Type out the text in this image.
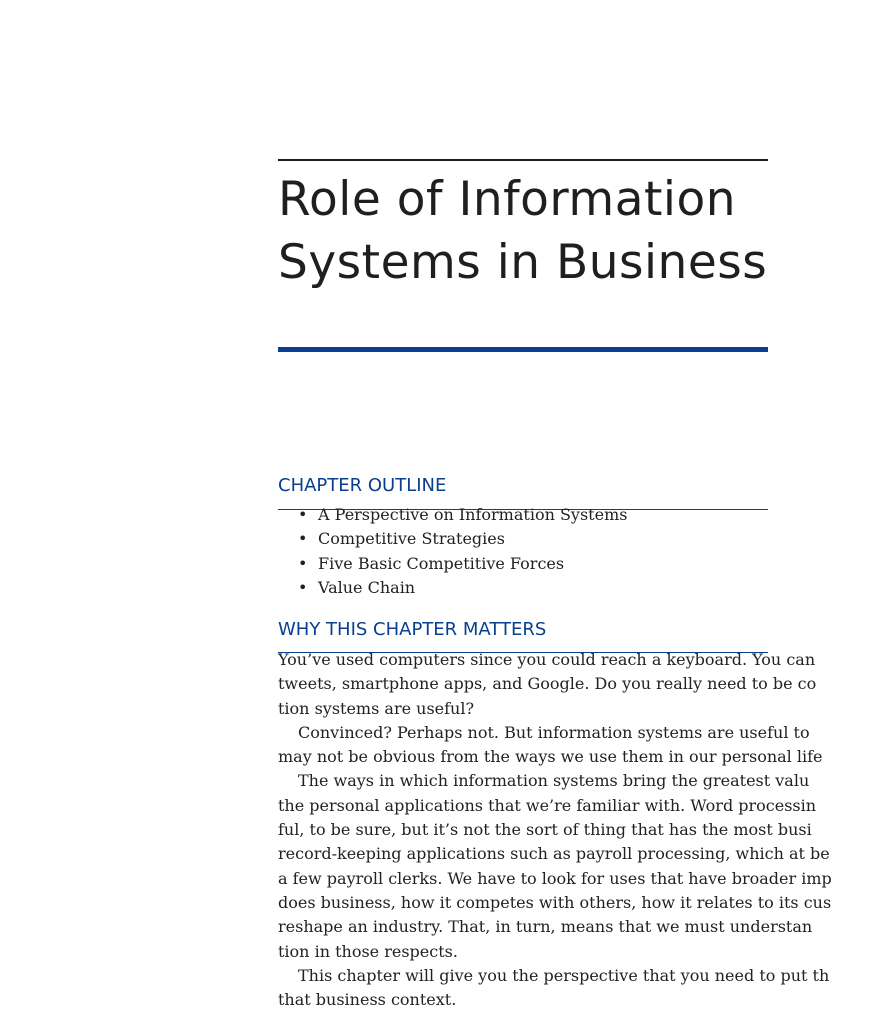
Role of Information
Systems in Business
CHAPTER OUTLINE
• A Perspective on Information Systems
• Competitive Strategies
• Five Basic Competitive Forces
• Value Chain
WHY THIS CHAPTER MATTERS
You’ve used computers since you could reach a keyboard. You can
tweets, smartphone apps, and Google. Do you really need to be co
tion systems are useful?
Convinced? Perhaps not. But information systems are useful to
may not be obvious from the ways we use them in our personal life
The ways in which information systems bring the greatest valu
the personal applications that we’re familiar with. Word processin
ful, to be sure, but it’s not the sort of thing that has the most busi
record-keeping applications such as payroll processing, which at be
a few payroll clerks. We have to look for uses that have broader imp
does business, how it competes with others, how it relates to its cus
reshape an industry. That, in turn, means that we must understan
tion in those respects.
This chapter will give you the perspective that you need to put th
that business context.
